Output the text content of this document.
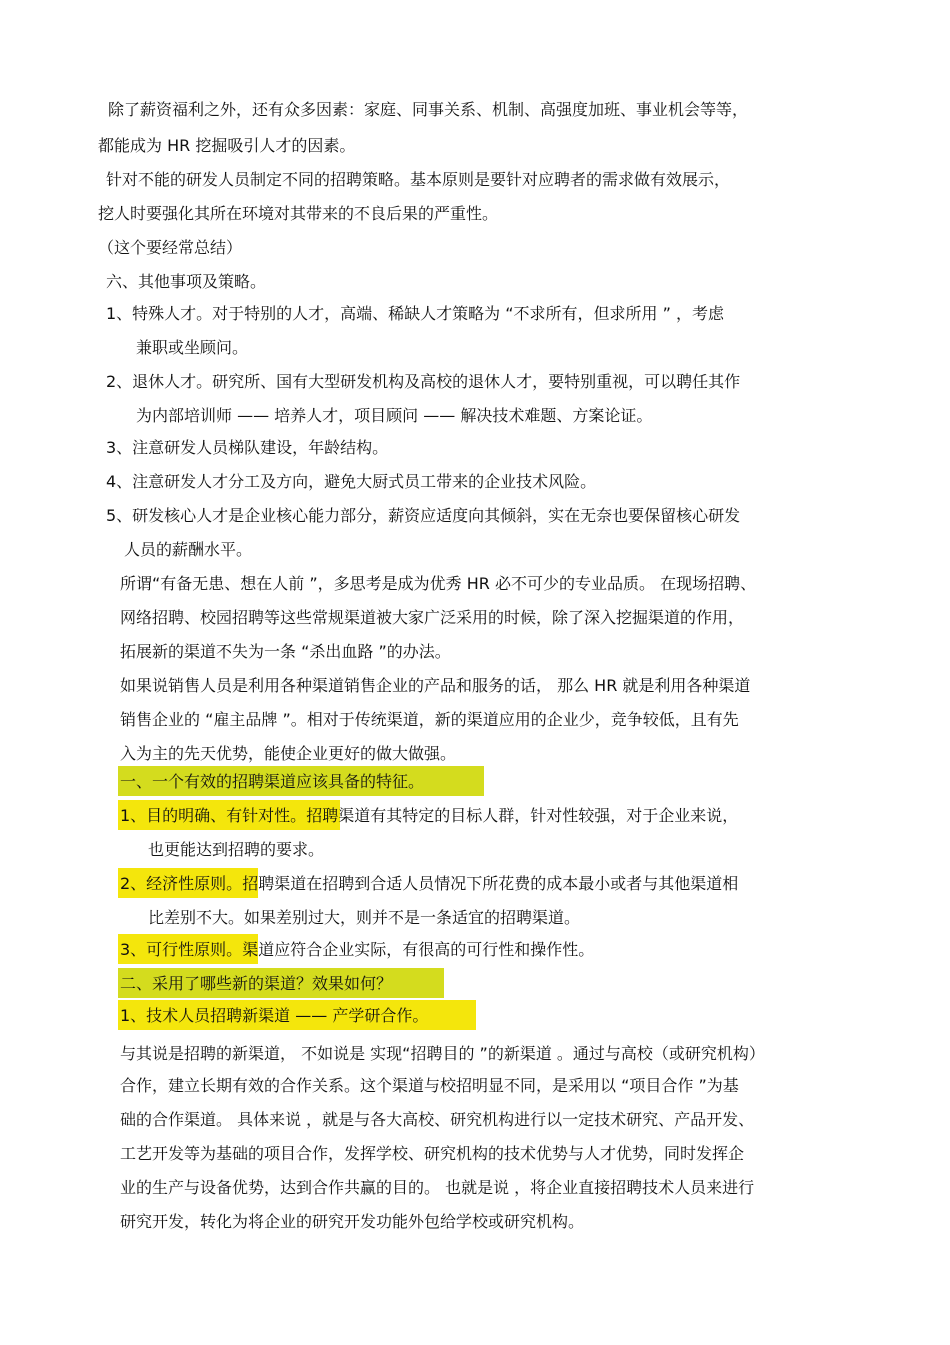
除了薪资福利之外，还有众多因素：家庭、同事关系、机制、高强度加班、事业机会等等，
都能成为 HR 挖掘吸引人才的因素。
针对不能的研发人员制定不同的招聘策略。基本原则是要针对应聘者的需求做有效展示，
挖人时要强化其所在环境对其带来的不良后果的严重性。
（这个要经常总结）
六、其他事项及策略。
1、特殊人才。对于特别的人才，高端、稀缺人才策略为 “不求所有，但求所用 ” ，考虑
兼职或坐顾问。
2、退休人才。研究所、国有大型研发机构及高校的退休人才，要特别重视，可以聘任其作
为内部培训师 —— 培养人才，项目顾问 —— 解决技术难题、方案论证。
3、注意研发人员梯队建设，年龄结构。
4、注意研发人才分工及方向，避免大厨式员工带来的企业技术风险。
5、研发核心人才是企业核心能力部分，薪资应适度向其倾斜，实在无奈也要保留核心研发
人员的薪酬水平。
所谓“有备无患、想在人前 ”，多思考是成为优秀 HR 必不可少的专业品质。 在现场招聘、
网络招聘、校园招聘等这些常规渠道被大家广泛采用的时候，除了深入挖掘渠道的作用，
拓展新的渠道不失为一条 “杀出血路 ”的办法。
如果说销售人员是利用各种渠道销售企业的产品和服务的话， 那么 HR 就是利用各种渠道
销售企业的 “雇主品牌 ”。相对于传统渠道，新的渠道应用的企业少，竞争较低，且有先
入为主的先天优势，能使企业更好的做大做强。
一、一个有效的招聘渠道应该具备的特征。
1、目的明确、有针对性。招聘渠道有其特定的目标人群，针对性较强，对于企业来说，
也更能达到招聘的要求。
2、经济性原则。招聘渠道在招聘到合适人员情况下所花费的成本最小或者与其他渠道相
比差别不大。如果差别过大，则并不是一条适宜的招聘渠道。
3、可行性原则。渠道应符合企业实际，有很高的可行性和操作性。
二、采用了哪些新的渠道？效果如何？
1、技术人员招聘新渠道 —— 产学研合作。
与其说是招聘的新渠道， 不如说是 实现“招聘目的 ”的新渠道 。通过与高校（或研究机构）
合作，建立长期有效的合作关系。这个渠道与校招明显不同，是采用以 “项目合作 ”为基
础的合作渠道。 具体来说 ，就是与各大高校、研究机构进行以一定技术研究、产品开发、
工艺开发等为基础的项目合作，发挥学校、研究机构的技术优势与人才优势，同时发挥企
业的生产与设备优势，达到合作共赢的目的。 也就是说 ，将企业直接招聘技术人员来进行
研究开发，转化为将企业的研究开发功能外包给学校或研究机构。
